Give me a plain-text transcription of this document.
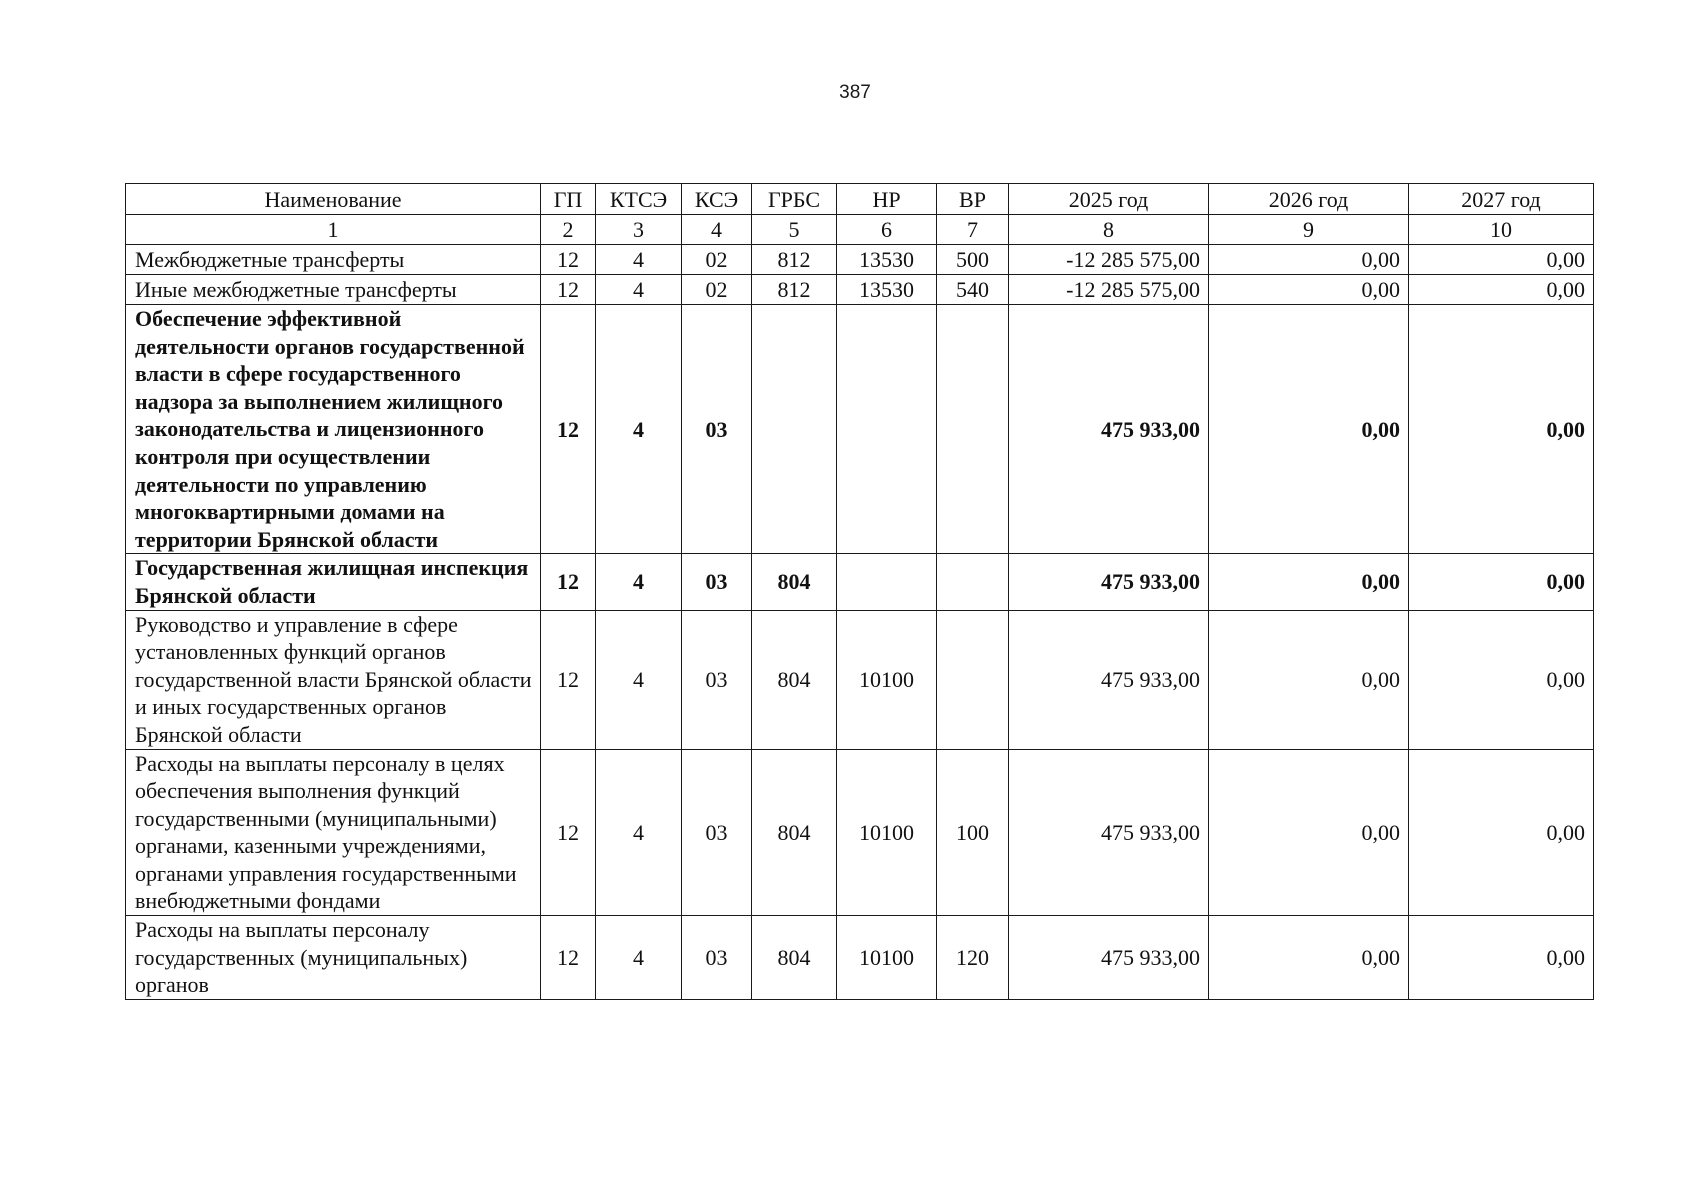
387
Наименование	ГП	КТСЭ	КСЭ	ГРБС	НР	ВР	2025 год	2026 год	2027 год
1	2	3	4	5	6	7	8	9	10
Межбюджетные трансферты	12	4	02	812	13530	500	-12 285 575,00	0,00	0,00
Иные межбюджетные трансферты	12	4	02	812	13530	540	-12 285 575,00	0,00	0,00
Обеспечение эффективной деятельности органов государственной власти в сфере государственного надзора за выполнением жилищного законодательства и лицензионного контроля при осуществлении деятельности по управлению многоквартирными домами на территории Брянской области	12	4	03				475 933,00	0,00	0,00
Государственная жилищная инспекция Брянской области	12	4	03	804			475 933,00	0,00	0,00
Руководство и управление в сфере установленных функций органов государственной власти Брянской области и иных государственных органов Брянской области	12	4	03	804	10100		475 933,00	0,00	0,00
Расходы на выплаты персоналу в целях обеспечения выполнения функций государственными (муниципальными) органами, казенными учреждениями, органами управления государственными внебюджетными фондами	12	4	03	804	10100	100	475 933,00	0,00	0,00
Расходы на выплаты персоналу государственных (муниципальных) органов	12	4	03	804	10100	120	475 933,00	0,00	0,00
